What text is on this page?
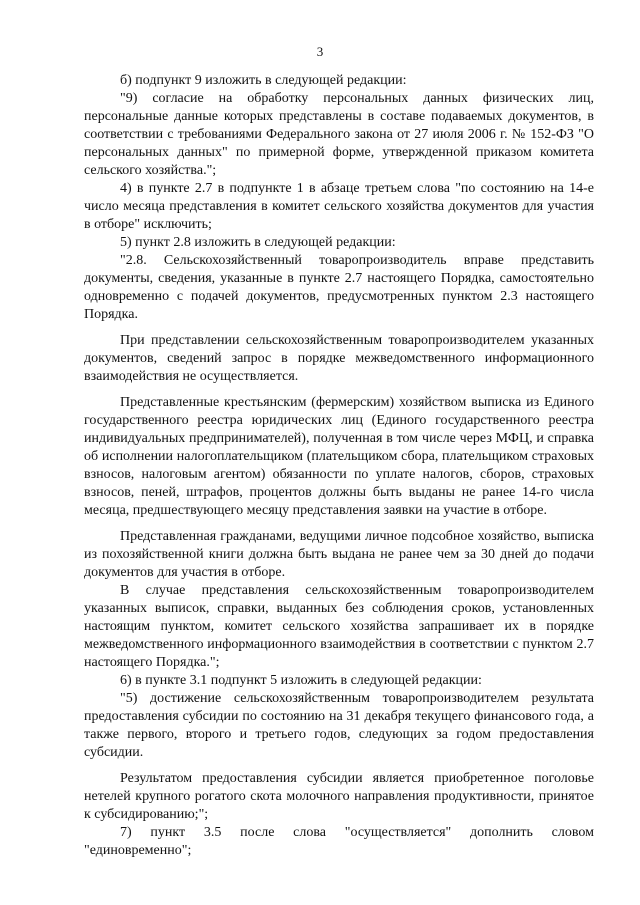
3

б) подпункт 9 изложить в следующей редакции:

"9) согласие на обработку персональных данных физических лиц, персональные данные которых представлены в составе подаваемых документов, в соответствии с требованиями Федерального закона от 27 июля 2006 г. № 152-ФЗ "О персональных данных" по примерной форме, утвержденной приказом комитета сельского хозяйства.";

4) в пункте 2.7 в подпункте 1 в абзаце третьем слова "по состоянию на 14-е число месяца представления в комитет сельского хозяйства документов для участия в отборе" исключить;

5) пункт 2.8 изложить в следующей редакции:

"2.8. Сельскохозяйственный товаропроизводитель вправе представить документы, сведения, указанные в пункте 2.7 настоящего Порядка, самостоятельно одновременно с подачей документов, предусмотренных пунктом 2.3 настоящего Порядка.

При представлении сельскохозяйственным товаропроизводителем указанных документов, сведений запрос в порядке межведомственного информационного взаимодействия не осуществляется.

Представленные крестьянским (фермерским) хозяйством выписка из Единого государственного реестра юридических лиц (Единого государственного реестра индивидуальных предпринимателей), полученная в том числе через МФЦ, и справка об исполнении налогоплательщиком (плательщиком сбора, плательщиком страховых взносов, налоговым агентом) обязанности по уплате налогов, сборов, страховых взносов, пеней, штрафов, процентов должны быть выданы не ранее 14-го числа месяца, предшествующего месяцу представления заявки на участие в отборе.

Представленная гражданами, ведущими личное подсобное хозяйство, выписка из похозяйственной книги должна быть выдана не ранее чем за 30 дней до подачи документов для участия в отборе.

В случае представления сельскохозяйственным товаропроизводителем указанных выписок, справки, выданных без соблюдения сроков, установленных настоящим пунктом, комитет сельского хозяйства запрашивает их в порядке межведомственного информационного взаимодействия в соответствии с пунктом 2.7 настоящего Порядка.";

6) в пункте 3.1 подпункт 5 изложить в следующей редакции:

"5) достижение сельскохозяйственным товаропроизводителем результата предоставления субсидии по состоянию на 31 декабря текущего финансового года, а также первого, второго и третьего годов, следующих за годом предоставления субсидии.

Результатом предоставления субсидии является приобретенное поголовье нетелей крупного рогатого скота молочного направления продуктивности, принятое к субсидированию;";

7) пункт 3.5 после слова "осуществляется" дополнить словом "единовременно";
